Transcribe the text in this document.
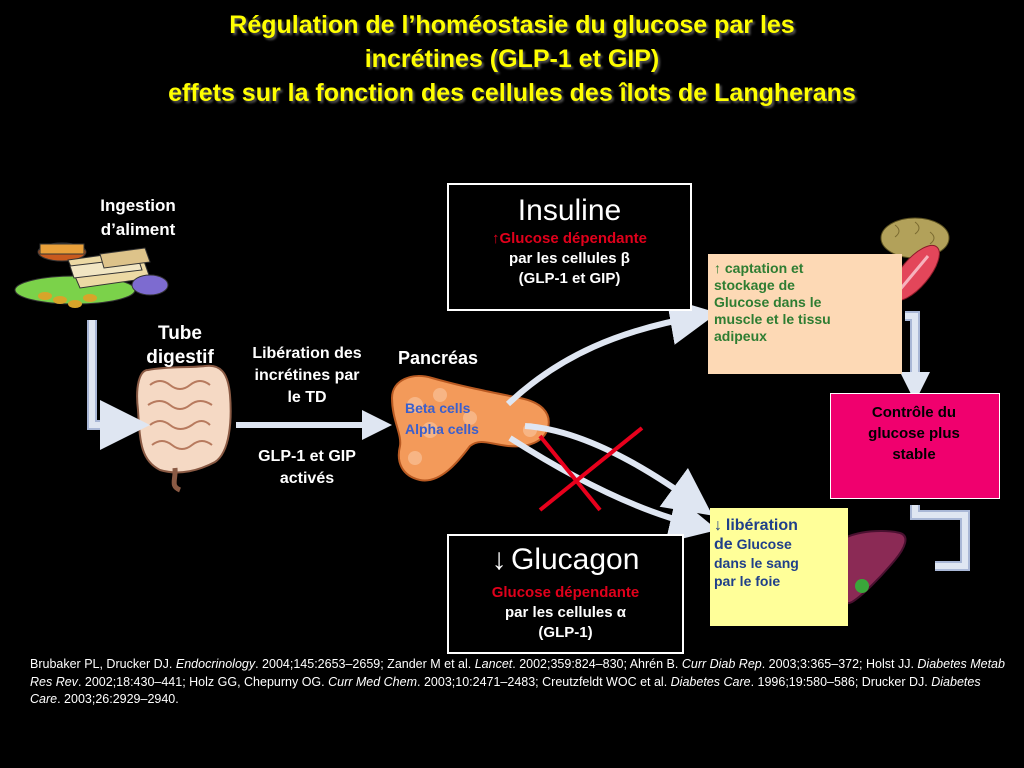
Régulation de l’homéostasie du glucose par les
incrétines (GLP-1 et GIP)
effets sur la fonction des cellules des îlots de Langherans
Ingestion
d’aliment
Tube
digestif	Libération des
incrétines par
le TD
GLP-1 et GIP
activés
Pancréas
Beta cells
Alpha cells
Insuline
↑Glucose dépendante
par les cellules β
(GLP-1 et GIP)
↓ Glucagon
Glucose dépendante
par les cellules α
(GLP-1)
↑ captation et stockage de Glucose dans le muscle et le tissu adipeux
↓ libération de Glucose dans le sang par le foie
Contrôle du
glucose plus
stable
Brubaker PL, Drucker DJ. Endocrinology. 2004;145:2653–2659; Zander M et al. Lancet. 2002;359:824–830; Ahrén B. Curr Diab Rep. 2003;3:365–372; Holst JJ. Diabetes Metab Res Rev. 2002;18:430–441; Holz GG, Chepurny OG. Curr Med Chem. 2003;10:2471–2483; Creutzfeldt WOC et al. Diabetes Care. 1996;19:580–586; Drucker DJ. Diabetes Care. 2003;26:2929–2940.
